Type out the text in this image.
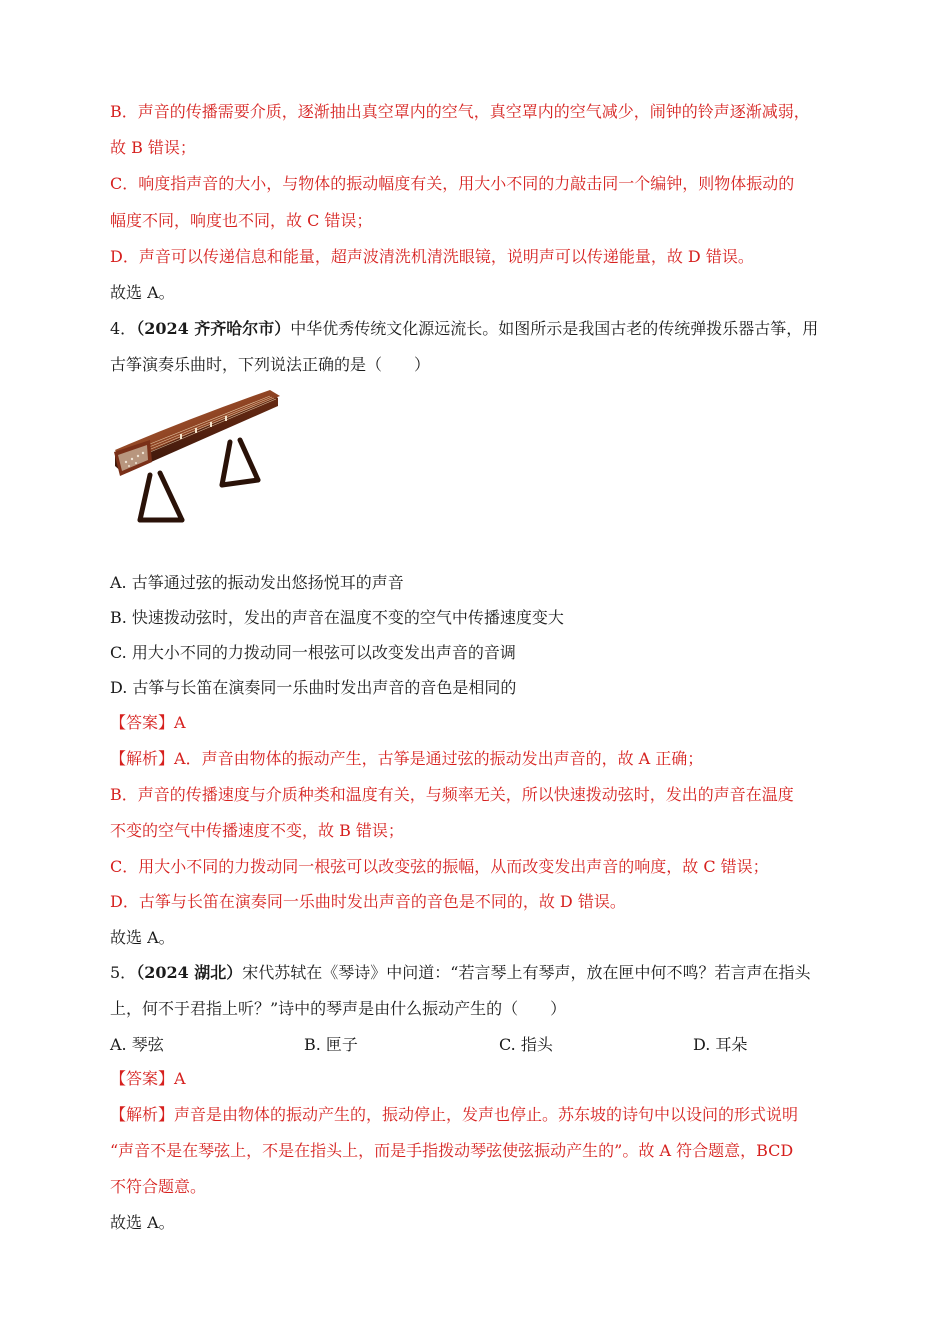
B．声音的传播需要介质，逐渐抽出真空罩内的空气，真空罩内的空气减少，闹钟的铃声逐渐减弱，
故 B 错误；
C．响度指声音的大小，与物体的振动幅度有关，用大小不同的力敲击同一个编钟，则物体振动的
幅度不同，响度也不同，故 C 错误；
D．声音可以传递信息和能量，超声波清洗机清洗眼镜，说明声可以传递能量，故 D 错误。
故选 A。
4．（2024 齐齐哈尔市）中华优秀传统文化源远流长。如图所示是我国古老的传统弹拨乐器古筝，用
古筝演奏乐曲时，下列说法正确的是（　　）
A. 古筝通过弦的振动发出悠扬悦耳的声音
B. 快速拨动弦时，发出的声音在温度不变的空气中传播速度变大
C. 用大小不同的力拨动同一根弦可以改变发出声音的音调
D. 古筝与长笛在演奏同一乐曲时发出声音的音色是相同的
【答案】A
【解析】A．声音由物体的振动产生，古筝是通过弦的振动发出声音的，故 A 正确；
B．声音的传播速度与介质种类和温度有关，与频率无关，所以快速拨动弦时，发出的声音在温度
不变的空气中传播速度不变，故 B 错误；
C．用大小不同的力拨动同一根弦可以改变弦的振幅，从而改变发出声音的响度，故 C 错误；
D．古筝与长笛在演奏同一乐曲时发出声音的音色是不同的，故 D 错误。
故选 A。
5．（2024 湖北）宋代苏轼在《琴诗》中问道：“若言琴上有琴声，放在匣中何不鸣？若言声在指头
上，何不于君指上听？”诗中的琴声是由什么振动产生的（　　）
A. 琴弦	B. 匣子	C. 指头	D. 耳朵
【答案】A
【解析】声音是由物体的振动产生的，振动停止，发声也停止。苏东坡的诗句中以设问的形式说明
“声音不是在琴弦上，不是在指头上，而是手指拨动琴弦使弦振动产生的”。故 A 符合题意，BCD
不符合题意。
故选 A。
